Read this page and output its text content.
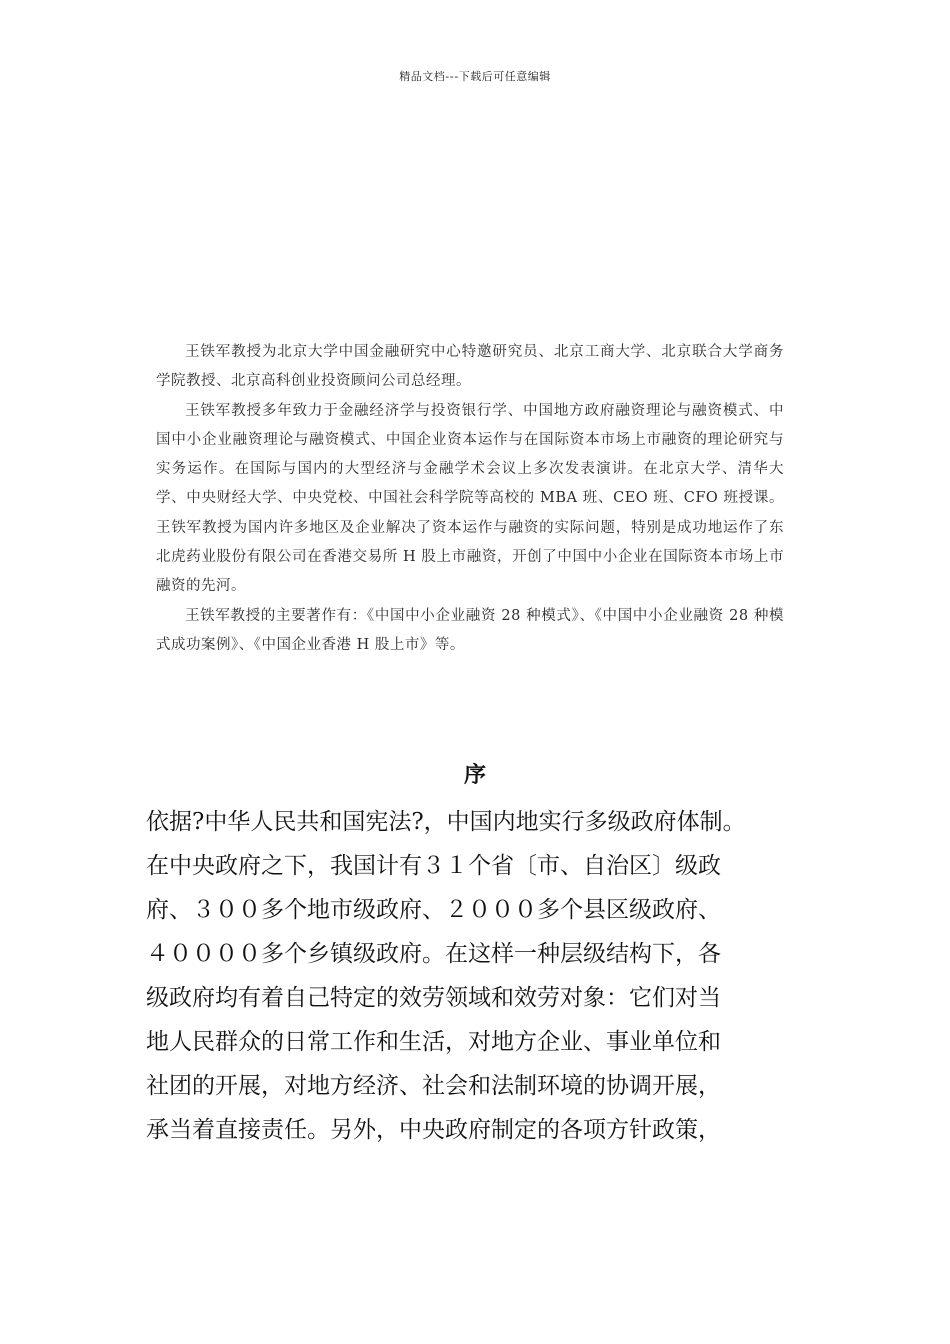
精品文档---下载后可任意编辑

王铁军教授为北京大学中国金融研究中心特邀研究员、北京工商大学、北京联合大学商务学院教授、北京高科创业投资顾问公司总经理。

王铁军教授多年致力于金融经济学与投资银行学、中国地方政府融资理论与融资模式、中国中小企业融资理论与融资模式、中国企业资本运作与在国际资本市场上市融资的理论研究与实务运作。在国际与国内的大型经济与金融学术会议上多次发表演讲。在北京大学、清华大学、中央财经大学、中央党校、中国社会科学院等高校的 MBA 班、CEO 班、CFO 班授课。王铁军教授为国内许多地区及企业解决了资本运作与融资的实际问题，特别是成功地运作了东北虎药业股份有限公司在香港交易所 H 股上市融资，开创了中国中小企业在国际资本市场上市融资的先河。

王铁军教授的主要著作有：《中国中小企业融资 28 种模式》、《中国中小企业融资 28 种模式成功案例》、《中国企业香港 H 股上市》等。

序
依据?中华人民共和国宪法?，中国内地实行多级政府体制。
在中央政府之下，我国计有３１个省〔市、自治区〕级政
府、３００多个地市级政府、２０００多个县区级政府、
４００００多个乡镇级政府。在这样一种层级结构下，各
级政府均有着自己特定的效劳领域和效劳对象：它们对当
地人民群众的日常工作和生活，对地方企业、事业单位和
社团的开展，对地方经济、社会和法制环境的协调开展，
承当着直接责任。另外，中央政府制定的各项方针政策，
